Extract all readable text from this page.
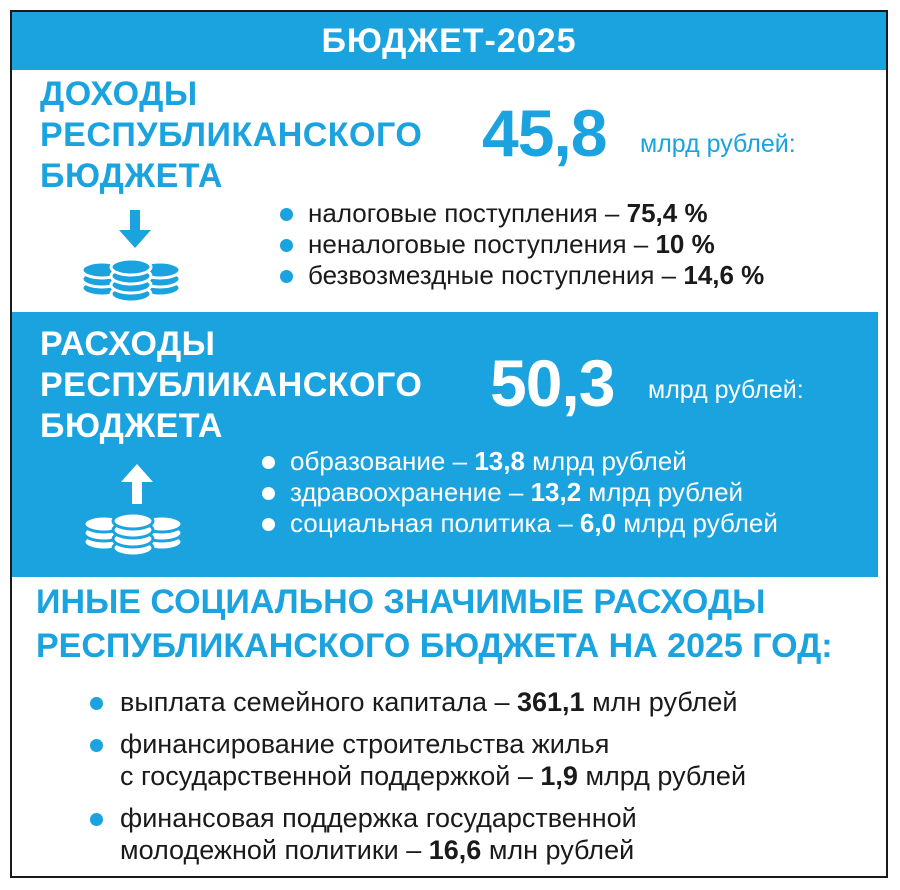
БЮДЖЕТ-2025
ДОХОДЫ
РЕСПУБЛИКАНСКОГО
БЮДЖЕТА
45,8 млрд рублей:
налоговые поступления – 75,4 %
неналоговые поступления – 10 %
безвозмездные поступления – 14,6 %
РАСХОДЫ
РЕСПУБЛИКАНСКОГО
БЮДЖЕТА
50,3 млрд рублей:
образование – 13,8 млрд рублей
здравоохранение – 13,2 млрд рублей
социальная политика – 6,0 млрд рублей
ИНЫЕ СОЦИАЛЬНО ЗНАЧИМЫЕ РАСХОДЫ
РЕСПУБЛИКАНСКОГО БЮДЖЕТА НА 2025 ГОД:
выплата семейного капитала – 361,1 млн рублей
финансирование строительства жилья
с государственной поддержкой – 1,9 млрд рублей
финансовая поддержка государственной
молодежной политики – 16,6 млн рублей
